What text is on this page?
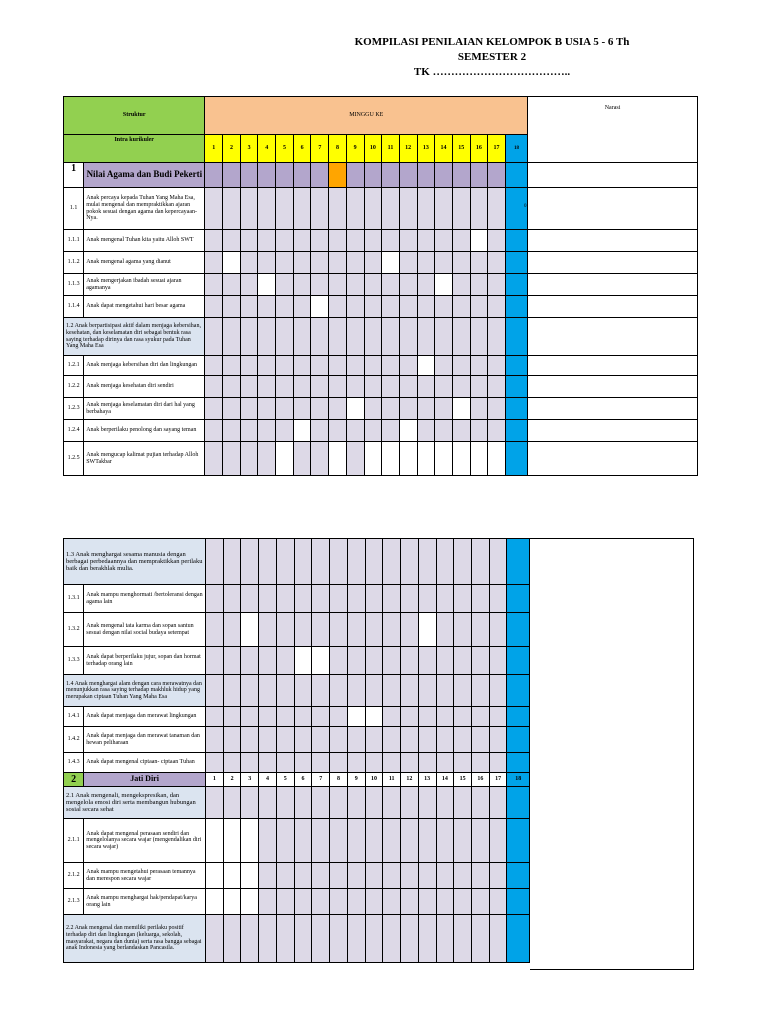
KOMPILASI PENILAIAN KELOMPOK B USIA 5 - 6 Th
SEMESTER 2
TK ………………………………..
Struktur		MINGGU KE																		Narasi
Intra kurikuler		1	2	3	4	5	6	7	8	9	10	11	12	13	14	15	16	17	18	
1	Nilai Agama dan Budi Pekerti																			
1.1	Anak percaya kepada Tuhan Yang Maha Esa, mulai mengenal dan mempraktikkan ajaran pokok sesuai dengan agama dan kepercayaan-Nya.																			
1.1.1	Anak mengenal Tuhan kita yaitu Alloh SWT																			
1.1.2	Anak mengenal agama yang dianut																			
1.1.3	Anak mengerjakan ibadah sesuai ajaran agamanya																			
1.1.4	Anak dapat mengetahui hari besar agama																			
1.2 Anak berpartisipasi aktif dalam menjaga kebersihan, kesehatan, dan keselamatan diri sebagai bentuk rasa saying terhadap dirinya dan rasa syukur pada Tuhan Yang Maha Esa																				
1.2.1	Anak menjaga kebersihan diri dan lingkungan																			
1.2.2	Anak menjaga kesehatan diri sendiri																			
1.2.3	Anak menjaga keselamatan diri dari hal yang berbahaya																			
1.2.4	Anak berperilaku penolong dan sayang teman																			
1.2.5	Anak mengucap kalimat pujian terhadap Alloh SWTakbar																			
1.3 Anak menghargai sesama manusia dengan berbagai perbedaannya dan mempraktikkan perilaku baik dan berakhlak mulia.																			
1.3.1	Anak mampu menghormati /bertoleransi dengan agama lain																		
1.3.2	Anak mengenal tata karma dan sopan santun sesuai dengan nilai social budaya setempat																		
1.3.3	Anak dapat berperilaku jujur, sopan dan hormat terhadap orang lain																		
1.4 Anak menghargai alam dengan cara merawatnya dan menunjukkan rasa saying terhadap makhluk hidup yang merupakan ciptaan Tuhan Yang Maha Esa																			
1.4.1	Anak dapat menjaga dan merawat lingkungan																		
1.4.2	Anak dapat menjaga dan merawat tanaman dan hewan peliharaan																		
1.4.3	Anak dapat mengenal ciptaan- ciptaan Tuhan																		
2	Jati Diri	1	2	3	4	5	6	7	8	9	10	11	12	13	14	15	16	17	18
2.1 Anak mengenali, mengekspresikan, dan mengelola emosi diri serta membangun hubungan sosial secara sehat																			
2.1.1	Anak dapat mengenal perasaan sendiri dan mengelolanya secara wajar (mengendalikan diri secara wajar)																		
2.1.2	Anak mampu mengetahui perasaan temannya dan merespon secara wajar																		
2.1.3	Anak mampu menghargai hak/pendapat/karya orang lain																		
2.2 Anak mengenal dan memiliki perilaku positif terhadap diri dan lingkungan (keluarga, sekolah, masyarakat, negara dan dunia) serta rasa bangga sebagai anak Indonesia yang berlandaskan Pancasila.																			
0
